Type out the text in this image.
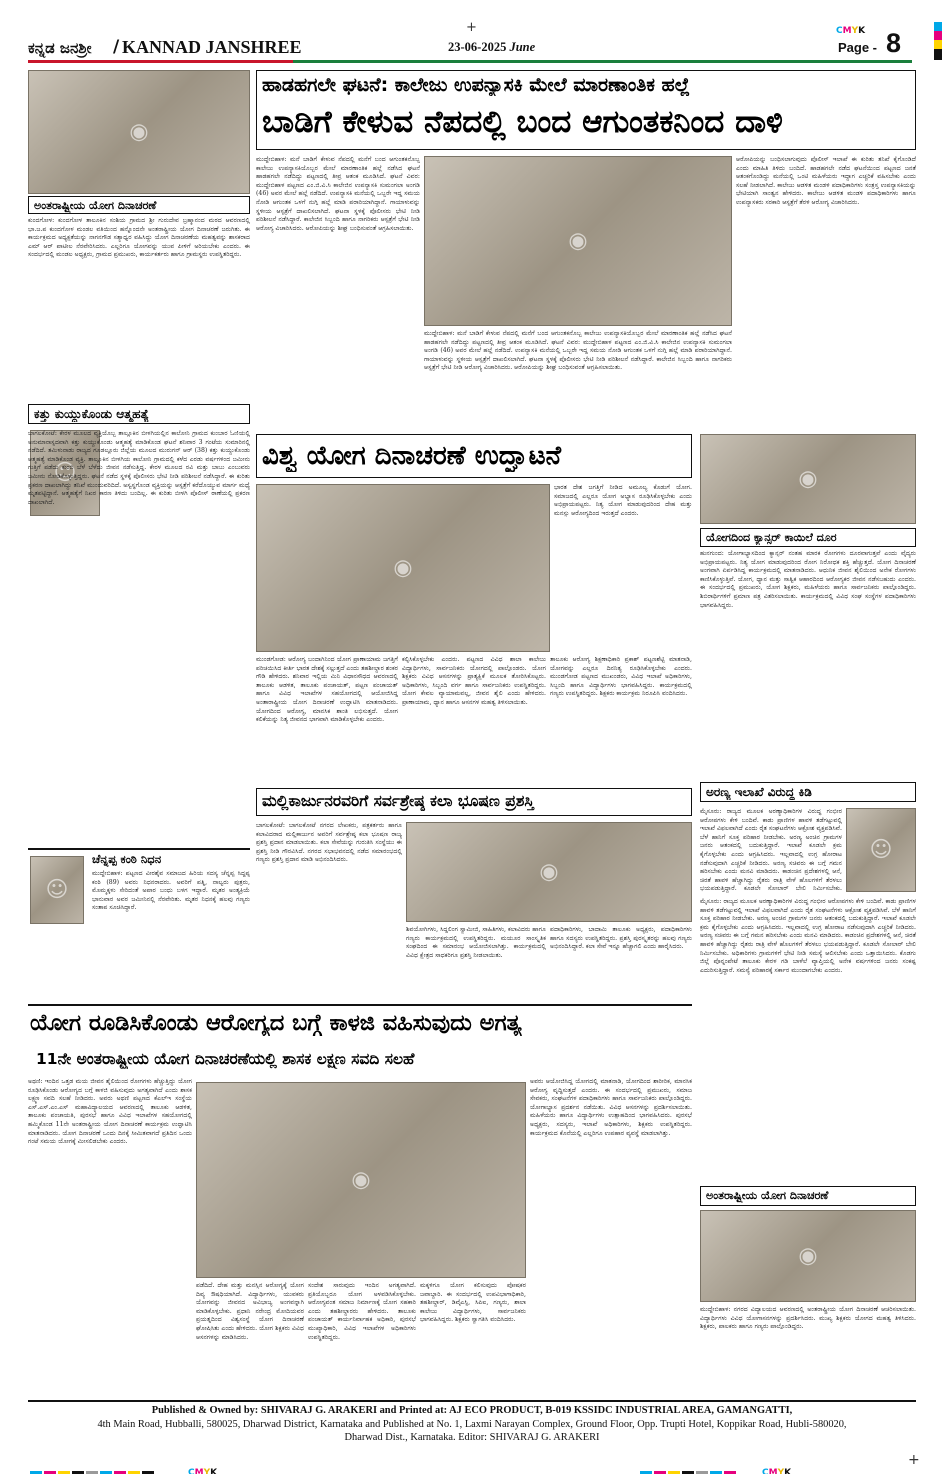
+
ಕನ್ನಡ ಜನಶ್ರೀ / KANNAD JANSHREE	23-06-2025 June
CMYK
Page - 8
◉
ಅಂತರಾಷ್ಟ್ರೀಯ ಯೋಗ ದಿನಾಚರಣೆ
ಕುಂದಗೋಳ: ಕುಂದಗೋಳ ತಾಲೂಕಿನ ಸಂಶಿಯ ಗ್ರಾಮದ ಶ್ರೀ ಗುರುದೇವ ಬ್ರಹ್ಮಾನಂದ ಮಠದ ಆವರಣದಲ್ಲಿ ಭಾ.ಜ.ಪ ಕುಂದಗೋಳ ಮಂಡಲ ವತಿಯಿಂದ ಹನ್ನೊಂದನೇ ಅಂತರಾಷ್ಟ್ರೀಯ ಯೋಗ ದಿನಾಚರಣೆ ಜರುಗಿತು. ಈ ಕಾರ್ಯಕ್ರಮದ ಅಧ್ಯಕ್ಷತೆಯನ್ನು ನಾಗನಗೌಡ ಸತ್ಯಾಧ್ವರ ವಹಿಸಿದ್ದು ಯೋಗ ದಿನಾಚರಣೆಯ ಮಹತ್ವವನ್ನು ಶಾಸಕರಾದ ಎಮ್ ಆರ್ ಪಾಟೀಲ ನೆರವೇರಿಸಿದರು. ಎಲ್ಲರಿಗೂ ಯೋಗವನ್ನು ಯುವ ಪೀಳಿಗೆ ಅರಿಯಬೇಕು ಎಂದರು. ಈ ಸಂದರ್ಭದಲ್ಲಿ ಮಂಡಲ ಅಧ್ಯಕ್ಷರು, ಗ್ರಾಮದ ಪ್ರಮುಖರು, ಕಾರ್ಯಕರ್ತರು ಹಾಗೂ ಗ್ರಾಮಸ್ಥರು ಉಪಸ್ಥಿತರಿದ್ದರು.
ಕತ್ತು ಕುಯ್ದುಕೊಂಡು ಆತ್ಮಹತ್ಯೆ
☺
ಬಾಗಲಕೋಟೆ: ಕೇರಳ ಮೂಲದ ವ್ಯಕ್ತಿಯೊಬ್ಬ ತಾಲ್ಲೂಕಿನ ಬೀಳಗಿಯಲ್ಲಿನ ಕಾಲೋನಿ ಗ್ರಾಮದ ಕುಂಬಾರ ಓಣಿಯಲ್ಲಿ ಅನುಮಾನಾಸ್ಪದವಾಗಿ ಕತ್ತು ಕುಯ್ದುಕೊಂಡು ಆತ್ಮಹತ್ಯೆ ಮಾಡಿಕೊಂಡ ಘಟನೆ ಶನಿವಾರ 3 ಗಂಟೆಯ ಸುಮಾರಿನಲ್ಲಿ ನಡೆದಿದೆ. ತಮಿಳುನಾಡು ರಾಜ್ಯದ ಗೂಡಲ್ಲೂರು ಜಿಲ್ಲೆಯ ಮೂಲದ ಮುರುಗನ್ ಆರ್ (38) ಕತ್ತು ಕುಯ್ದುಕೊಂಡು ಆತ್ಮಹತ್ಯೆ ಮಾಡಿಕೊಂಡ ವ್ಯಕ್ತಿ. ತಾಲ್ಲೂಕಿನ ಬೀಳಗಿಯ ಕಾಲೋನಿ ಗ್ರಾಮದಲ್ಲಿ ಕಳೆದ ಎರಡು ವರ್ಷಗಳಿಂದ ಜಮೀನು ಗುತ್ತಿಗೆ ಪಡೆದು ಕುಂಬಿ ಬೆಳೆ ಬೆಳೆದು ಜೀವನ ನಡೆಸುತ್ತಿದ್ದ. ಕೇರಳ ಮೂಲದ ರವಿ ಮತ್ತು ಬಾಬು ಎಂಬುವರು ಜಮೀನು ನೋಡಿಕೊಳ್ಳುತ್ತಿದ್ದರು. ಘಟನೆ ನಡೆದ ಸ್ಥಳಕ್ಕೆ ಪೊಲೀಸರು ಭೇಟಿ ನೀಡಿ ಪರಿಶೀಲನೆ ನಡೆಸಿದ್ದಾರೆ. ಈ ಕುರಿತು ಪ್ರಕರಣ ದಾಖಲಾಗಿದ್ದು ತನಿಖೆ ಮುಂದುವರಿದಿದೆ. ಅಸ್ವಸ್ಥಗೊಂಡ ವ್ಯಕ್ತಿಯನ್ನು ಆಸ್ಪತ್ರೆಗೆ ಕರೆದೊಯ್ಯುವ ಮಾರ್ಗ ಮಧ್ಯೆ ಮೃತಪಟ್ಟಿದ್ದಾನೆ. ಆತ್ಮಹತ್ಯೆಗೆ ನಿಖರ ಕಾರಣ ತಿಳಿದು ಬಂದಿಲ್ಲ. ಈ ಕುರಿತು ಬೀಳಗಿ ಪೊಲೀಸ್ ಠಾಣೆಯಲ್ಲಿ ಪ್ರಕರಣ ದಾಖಲಾಗಿದೆ.
☺
ಚೆನ್ನಪ್ಪ ಕಂಠಿ ನಿಧನ
ಮುದ್ದೇಬಿಹಾಳ: ಪಟ್ಟಣದ ವೀರಶೈವ ಸಮಾಜದ ಹಿರಿಯ ಸದಸ್ಯ ಚೆನ್ನಪ್ಪ ಸಿದ್ದಪ್ಪ ಕಂಠಿ (89) ಅವರು ನಿಧನರಾದರು. ಅವರಿಗೆ ಪತ್ನಿ, ನಾಲ್ವರು ಪುತ್ರರು, ಮೊಮ್ಮಕ್ಕಳು ಸೇರಿದಂತೆ ಅಪಾರ ಬಂಧು ಬಳಗ ಇದ್ದಾರೆ. ಮೃತರ ಅಂತ್ಯಕ್ರಿಯೆ ಭಾನುವಾರ ಅವರ ಜಮೀನಿನಲ್ಲಿ ನೆರವೇರಿತು. ಮೃತರ ನಿಧನಕ್ಕೆ ಹಲವು ಗಣ್ಯರು ಸಂತಾಪ ಸೂಚಿಸಿದ್ದಾರೆ.
ಹಾಡಹಗಲೇ ಘಟನೆ: ಕಾಲೇಜು ಉಪನ್ಯಾಸಕಿ ಮೇಲೆ ಮಾರಣಾಂತಿಕ ಹಲ್ಲೆ
ಬಾಡಿಗೆ ಕೇಳುವ ನೆಪದಲ್ಲಿ ಬಂದ ಆಗುಂತಕನಿಂದ ದಾಳಿ
ಮುದ್ದೇಬಿಹಾಳ: ಮನೆ ಬಾಡಿಗೆ ಕೇಳುವ ನೆಪದಲ್ಲಿ ಮನೆಗೆ ಬಂದ ಆಗುಂತಕನೊಬ್ಬ ಕಾಲೇಜು ಉಪನ್ಯಾಸಕಿಯೊಬ್ಬರ ಮೇಲೆ ಮಾರಣಾಂತಿಕ ಹಲ್ಲೆ ನಡೆಸಿದ ಘಟನೆ ಹಾಡಹಗಲೇ ನಡೆದಿದ್ದು ಪಟ್ಟಣದಲ್ಲಿ ತೀವ್ರ ಆತಂಕ ಮೂಡಿಸಿದೆ. ಘಟನೆ ವಿವರ: ಮುದ್ದೇಬಿಹಾಳ ಪಟ್ಟಣದ ಎಂ.ಜಿ.ವಿ.ಸಿ ಕಾಲೇಜಿನ ಉಪನ್ಯಾಸಕಿ ಸುಮಂಗಲಾ ಅಂಗಡಿ (46) ಅವರ ಮೇಲೆ ಹಲ್ಲೆ ನಡೆದಿದೆ. ಉಪನ್ಯಾಸಕಿ ಮನೆಯಲ್ಲಿ ಒಬ್ಬರೇ ಇದ್ದ ಸಮಯ ನೋಡಿ ಆಗುಂತಕ ಒಳಗೆ ನುಗ್ಗಿ ಹಲ್ಲೆ ಮಾಡಿ ಪರಾರಿಯಾಗಿದ್ದಾನೆ. ಗಾಯಾಳುವನ್ನು ಸ್ಥಳೀಯ ಆಸ್ಪತ್ರೆಗೆ ದಾಖಲಿಸಲಾಗಿದೆ. ಘಟನಾ ಸ್ಥಳಕ್ಕೆ ಪೊಲೀಸರು ಭೇಟಿ ನೀಡಿ ಪರಿಶೀಲನೆ ನಡೆಸಿದ್ದಾರೆ. ಕಾಲೇಜಿನ ಸಿಬ್ಬಂದಿ ಹಾಗೂ ನಾಗರಿಕರು ಆಸ್ಪತ್ರೆಗೆ ಭೇಟಿ ನೀಡಿ ಆರೋಗ್ಯ ವಿಚಾರಿಸಿದರು. ಆರೋಪಿಯನ್ನು ಶೀಘ್ರ ಬಂಧಿಸುವಂತೆ ಆಗ್ರಹಿಸಲಾಯಿತು.
◉
ಮುದ್ದೇಬಿಹಾಳ: ಮನೆ ಬಾಡಿಗೆ ಕೇಳುವ ನೆಪದಲ್ಲಿ ಮನೆಗೆ ಬಂದ ಆಗುಂತಕನೊಬ್ಬ ಕಾಲೇಜು ಉಪನ್ಯಾಸಕಿಯೊಬ್ಬರ ಮೇಲೆ ಮಾರಣಾಂತಿಕ ಹಲ್ಲೆ ನಡೆಸಿದ ಘಟನೆ ಹಾಡಹಗಲೇ ನಡೆದಿದ್ದು ಪಟ್ಟಣದಲ್ಲಿ ತೀವ್ರ ಆತಂಕ ಮೂಡಿಸಿದೆ. ಘಟನೆ ವಿವರ: ಮುದ್ದೇಬಿಹಾಳ ಪಟ್ಟಣದ ಎಂ.ಜಿ.ವಿ.ಸಿ ಕಾಲೇಜಿನ ಉಪನ್ಯಾಸಕಿ ಸುಮಂಗಲಾ ಅಂಗಡಿ (46) ಅವರ ಮೇಲೆ ಹಲ್ಲೆ ನಡೆದಿದೆ. ಉಪನ್ಯಾಸಕಿ ಮನೆಯಲ್ಲಿ ಒಬ್ಬರೇ ಇದ್ದ ಸಮಯ ನೋಡಿ ಆಗುಂತಕ ಒಳಗೆ ನುಗ್ಗಿ ಹಲ್ಲೆ ಮಾಡಿ ಪರಾರಿಯಾಗಿದ್ದಾನೆ. ಗಾಯಾಳುವನ್ನು ಸ್ಥಳೀಯ ಆಸ್ಪತ್ರೆಗೆ ದಾಖಲಿಸಲಾಗಿದೆ. ಘಟನಾ ಸ್ಥಳಕ್ಕೆ ಪೊಲೀಸರು ಭೇಟಿ ನೀಡಿ ಪರಿಶೀಲನೆ ನಡೆಸಿದ್ದಾರೆ. ಕಾಲೇಜಿನ ಸಿಬ್ಬಂದಿ ಹಾಗೂ ನಾಗರಿಕರು ಆಸ್ಪತ್ರೆಗೆ ಭೇಟಿ ನೀಡಿ ಆರೋಗ್ಯ ವಿಚಾರಿಸಿದರು. ಆರೋಪಿಯನ್ನು ಶೀಘ್ರ ಬಂಧಿಸುವಂತೆ ಆಗ್ರಹಿಸಲಾಯಿತು.
ಆರೋಪಿಯನ್ನು ಬಂಧಿಸಲಾಗುವುದು ಪೊಲೀಸ್ ಇಲಾಖೆ ಈ ಕುರಿತು ತನಿಖೆ ಕೈಗೊಂಡಿದೆ ಎಂದು ಮಾಹಿತಿ ತಿಳಿದು ಬಂದಿದೆ. ಹಾಡಹಗಲೇ ನಡೆದ ಘಟನೆಯಿಂದ ಪಟ್ಟಣದ ಜನತೆ ಆತಂಕಗೊಂಡಿದ್ದು ಮನೆಯಲ್ಲಿ ಒಂಟಿ ಮಹಿಳೆಯರು ಇದ್ದಾಗ ಎಚ್ಚರಿಕೆ ವಹಿಸಬೇಕು ಎಂದು ಸಲಹೆ ನೀಡಲಾಗಿದೆ. ಕಾಲೇಜು ಆಡಳಿತ ಮಂಡಳಿ ಪದಾಧಿಕಾರಿಗಳು ಸಂತ್ರಸ್ತ ಉಪನ್ಯಾಸಕಿಯನ್ನು ಭೇಟಿಯಾಗಿ ಸಾಂತ್ವನ ಹೇಳಿದರು. ಕಾಲೇಜು ಆಡಳಿತ ಮಂಡಳಿ ಪದಾಧಿಕಾರಿಗಳು ಹಾಗೂ ಉಪನ್ಯಾಸಕರು ಸರಕಾರಿ ಆಸ್ಪತ್ರೆಗೆ ತೆರಳಿ ಆರೋಗ್ಯ ವಿಚಾರಿಸಿದರು.
ವಿಶ್ವ ಯೋಗ ದಿನಾಚರಣೆ ಉದ್ಘಾಟನೆ
◉
ಭಾರತ ದೇಶ ಜಗತ್ತಿಗೆ ನೀಡಿದ ಅಮೂಲ್ಯ ಕೊಡುಗೆ ಯೋಗ. ಸಮಾಜದಲ್ಲಿ ಎಲ್ಲರೂ ಯೋಗ ಅಭ್ಯಾಸ ರೂಢಿಸಿಕೊಳ್ಳಬೇಕು ಎಂದು ಅಭಿಪ್ರಾಯಪಟ್ಟರು. ನಿತ್ಯ ಯೋಗ ಮಾಡುವುದರಿಂದ ದೇಹ ಮತ್ತು ಮನಸ್ಸು ಆರೋಗ್ಯದಿಂದ ಇರುತ್ತದೆ ಎಂದರು.
ಮುಂಡಗೋಡ: ಆರೋಗ್ಯ ಬಂದಾಗಿನಿಂದ ಯೋಗ ಪ್ರಾಣಾಯಾಮ ಜಗತ್ತಿಗೆ ಪರಿಚಯಿಸಿದ ಕೀರ್ತಿ ಭಾರತ ದೇಶಕ್ಕೆ ಸಲ್ಲುತ್ತದೆ ಎಂದು ತಹಶೀಲ್ದಾರ ಶಂಕರ ಗೌಡಿ ಹೇಳಿದರು. ಶನಿವಾರ ಇಲ್ಲಿಯ ಮಿನಿ ವಿಧಾನಸೌಧದ ಆವರಣದಲ್ಲಿ ತಾಲೂಕು ಆಡಳಿತ, ತಾಲೂಕು ಪಂಚಾಯತ್, ಪಟ್ಟಣ ಪಂಚಾಯತ್ ಹಾಗೂ ವಿವಿಧ ಇಲಾಖೆಗಳ ಸಹಯೋಗದಲ್ಲಿ ಆಯೋಜಿಸಿದ್ದ ಅಂತಾರಾಷ್ಟ್ರೀಯ ಯೋಗ ದಿನಾಚರಣೆ ಉದ್ಘಾಟಿಸಿ ಮಾತನಾಡಿದರು. ಯೋಗದಿಂದ ಆರೋಗ್ಯ, ಮಾನಸಿಕ ಶಾಂತಿ ಲಭಿಸುತ್ತದೆ. ಯೋಗ ಕಲಿಕೆಯನ್ನು ನಿತ್ಯ ಜೀವನದ ಭಾಗವಾಗಿ ಮಾಡಿಕೊಳ್ಳಬೇಕು ಎಂದರು.
ಕಲ್ಪಿಸಿಕೊಳ್ಳಬೇಕು ಎಂದರು. ಪಟ್ಟಣದ ವಿವಿಧ ಶಾಲಾ ಕಾಲೇಜು ವಿದ್ಯಾರ್ಥಿಗಳು, ಸಾರ್ವಜನಿಕರು ಯೋಗದಲ್ಲಿ ಪಾಲ್ಗೊಂಡರು. ಯೋಗ ಶಿಕ್ಷಕರು ವಿವಿಧ ಆಸನಗಳನ್ನು ಪ್ರಾತ್ಯಕ್ಷಿಕೆ ಮೂಲಕ ತೋರಿಸಿಕೊಟ್ಟರು. ಅಧಿಕಾರಿಗಳು, ಸಿಬ್ಬಂದಿ ವರ್ಗ ಹಾಗೂ ಸಾರ್ವಜನಿಕರು ಉಪಸ್ಥಿತರಿದ್ದರು. ಯೋಗ ಕೇವಲ ವ್ಯಾಯಾಮವಲ್ಲ, ಜೀವನ ಶೈಲಿ ಎಂದು ಹೇಳಿದರು. ಪ್ರಾಣಾಯಾಮ, ಧ್ಯಾನ ಹಾಗೂ ಆಸನಗಳ ಮಹತ್ವ ತಿಳಿಸಲಾಯಿತು.
ತಾಲೂಕು ಆರೋಗ್ಯ ಶಿಕ್ಷಣಾಧಿಕಾರಿ ಪ್ರಕಾಶ್ ಪಟ್ಟಣಶೆಟ್ಟಿ ಮಾತನಾಡಿ, ಯೋಗವನ್ನು ಎಲ್ಲರೂ ದಿನನಿತ್ಯ ರೂಢಿಸಿಕೊಳ್ಳಬೇಕು ಎಂದರು. ಮುಂಡಗೋಡ ಪಟ್ಟಣದ ಮುಖಂಡರು, ವಿವಿಧ ಇಲಾಖೆ ಅಧಿಕಾರಿಗಳು, ಸಿಬ್ಬಂದಿ ಹಾಗೂ ವಿದ್ಯಾರ್ಥಿಗಳು ಭಾಗವಹಿಸಿದ್ದರು. ಕಾರ್ಯಕ್ರಮದಲ್ಲಿ ಗಣ್ಯರು ಉಪಸ್ಥಿತರಿದ್ದರು. ಶಿಕ್ಷಕರು ಕಾರ್ಯಕ್ರಮ ನಿರೂಪಿಸಿ ವಂದಿಸಿದರು.
◉
ಯೋಗದಿಂದ ಕ್ಯಾನ್ಸರ್ ಕಾಯಿಲೆ ದೂರ
ಹುನಗುಂದ: ಯೋಗಾಭ್ಯಾಸದಿಂದ ಕ್ಯಾನ್ಸರ್ ನಂತಹ ಮಾರಕ ರೋಗಗಳು ದೂರವಾಗುತ್ತವೆ ಎಂದು ವೈದ್ಯರು ಅಭಿಪ್ರಾಯಪಟ್ಟರು. ನಿತ್ಯ ಯೋಗ ಮಾಡುವುದರಿಂದ ರೋಗ ನಿರೋಧಕ ಶಕ್ತಿ ಹೆಚ್ಚುತ್ತದೆ. ಯೋಗ ದಿನಾಚರಣೆ ಅಂಗವಾಗಿ ಏರ್ಪಡಿಸಿದ್ದ ಕಾರ್ಯಕ್ರಮದಲ್ಲಿ ಮಾತನಾಡಿದರು. ಆಧುನಿಕ ಜೀವನ ಶೈಲಿಯಿಂದ ಅನೇಕ ರೋಗಗಳು ಕಾಣಿಸಿಕೊಳ್ಳುತ್ತಿವೆ. ಯೋಗ, ಧ್ಯಾನ ಮತ್ತು ಸಾತ್ವಿಕ ಆಹಾರದಿಂದ ಆರೋಗ್ಯಕರ ಜೀವನ ನಡೆಸಬಹುದು ಎಂದರು. ಈ ಸಂದರ್ಭದಲ್ಲಿ ಪ್ರಮುಖರು, ಯೋಗ ಶಿಕ್ಷಕರು, ಮಹಿಳೆಯರು ಹಾಗೂ ಸಾರ್ವಜನಿಕರು ಪಾಲ್ಗೊಂಡಿದ್ದರು. ಶಿಬಿರಾರ್ಥಿಗಳಿಗೆ ಪ್ರಮಾಣ ಪತ್ರ ವಿತರಿಸಲಾಯಿತು. ಕಾರ್ಯಕ್ರಮದಲ್ಲಿ ವಿವಿಧ ಸಂಘ ಸಂಸ್ಥೆಗಳ ಪದಾಧಿಕಾರಿಗಳು ಭಾಗವಹಿಸಿದ್ದರು.
ಮಲ್ಲಿಕಾರ್ಜುನರವರಿಗೆ ಸರ್ವಶ್ರೇಷ್ಠ ಕಲಾ ಭೂಷಣ ಪ್ರಶಸ್ತಿ
ಬಾಗಲಕೋಟೆ: ಬಾಗಲಕೋಟೆ ನಗರದ ಲೇಖಕರು, ಪತ್ರಕರ್ತರು ಹಾಗೂ ಕಲಾವಿದರಾದ ಮಲ್ಲಿಕಾರ್ಜುನ ಅವರಿಗೆ ಸರ್ವಶ್ರೇಷ್ಠ ಕಲಾ ಭೂಷಣ ರಾಜ್ಯ ಪ್ರಶಸ್ತಿ ಪ್ರದಾನ ಮಾಡಲಾಯಿತು. ಕಲಾ ಸೇವೆಯನ್ನು ಗುರುತಿಸಿ ಸಂಸ್ಥೆಯು ಈ ಪ್ರಶಸ್ತಿ ನೀಡಿ ಗೌರವಿಸಿದೆ. ನಗರದ ಸಭಾಭವನದಲ್ಲಿ ನಡೆದ ಸಮಾರಂಭದಲ್ಲಿ ಗಣ್ಯರು ಪ್ರಶಸ್ತಿ ಪ್ರದಾನ ಮಾಡಿ ಅಭಿನಂದಿಸಿದರು.	◉
ಶಿವಯೋಗಿಗಳು, ಸಿದ್ದಲಿಂಗ ಸ್ವಾಮೀಜಿ, ಸಾಹಿತಿಗಳು, ಕಲಾವಿದರು ಹಾಗೂ ಗಣ್ಯರು ಕಾರ್ಯಕ್ರಮದಲ್ಲಿ ಉಪಸ್ಥಿತರಿದ್ದರು. ಮಯೂರ ಸಾಂಸ್ಕೃತಿಕ ಸಂಘದಿಂದ ಈ ಸಮಾರಂಭ ಆಯೋಜಿಸಲಾಗಿತ್ತು. ಕಾರ್ಯಕ್ರಮದಲ್ಲಿ ವಿವಿಧ ಕ್ಷೇತ್ರದ ಸಾಧಕರಿಗೂ ಪ್ರಶಸ್ತಿ ನೀಡಲಾಯಿತು.
ಪದಾಧಿಕಾರಿಗಳು, ಬಾದಾಮಿ ತಾಲೂಕು ಅಧ್ಯಕ್ಷರು, ಪದಾಧಿಕಾರಿಗಳು ಹಾಗೂ ಸದಸ್ಯರು ಉಪಸ್ಥಿತರಿದ್ದರು. ಪ್ರಶಸ್ತಿ ಪುರಸ್ಕೃತರನ್ನು ಹಲವು ಗಣ್ಯರು ಅಭಿನಂದಿಸಿದ್ದಾರೆ. ಕಲಾ ಸೇವೆ ಇನ್ನೂ ಹೆಚ್ಚಾಗಲಿ ಎಂದು ಹಾರೈಸಿದರು.
ಅರಣ್ಯ ಇಲಾಖೆ ವಿರುದ್ಧ ಕಿಡಿ
☺
ಮೈಸೂರು: ರಾಜ್ಯದ ಮೂಲಕ ಅರಣ್ಯಾಧಿಕಾರಿಗಳ ವಿರುದ್ಧ ಗಂಭೀರ ಆರೋಪಗಳು ಕೇಳಿ ಬಂದಿವೆ. ಕಾಡು ಪ್ರಾಣಿಗಳ ಹಾವಳಿ ತಡೆಗಟ್ಟುವಲ್ಲಿ ಇಲಾಖೆ ವಿಫಲವಾಗಿದೆ ಎಂದು ರೈತ ಸಂಘಟನೆಗಳು ಆಕ್ರೋಶ ವ್ಯಕ್ತಪಡಿಸಿವೆ. ಬೆಳೆ ಹಾನಿಗೆ ಸೂಕ್ತ ಪರಿಹಾರ ನೀಡಬೇಕು. ಅರಣ್ಯ ಅಂಚಿನ ಗ್ರಾಮಗಳ ಜನರು ಆತಂಕದಲ್ಲಿ ಬದುಕುತ್ತಿದ್ದಾರೆ. ಇಲಾಖೆ ಕೂಡಲೇ ಕ್ರಮ ಕೈಗೊಳ್ಳಬೇಕು ಎಂದು ಆಗ್ರಹಿಸಿದರು. ಇಲ್ಲವಾದಲ್ಲಿ ಉಗ್ರ ಹೋರಾಟ ನಡೆಸುವುದಾಗಿ ಎಚ್ಚರಿಕೆ ನೀಡಿದರು. ಅರಣ್ಯ ಸಚಿವರು ಈ ಬಗ್ಗೆ ಗಮನ ಹರಿಸಬೇಕು ಎಂದು ಮನವಿ ಮಾಡಿದರು. ಕಾಡಂಚಿನ ಪ್ರದೇಶಗಳಲ್ಲಿ ಆನೆ, ಚಿರತೆ ಹಾವಳಿ ಹೆಚ್ಚಾಗಿದ್ದು ರೈತರು ರಾತ್ರಿ ವೇಳೆ ಹೊಲಗಳಿಗೆ ತೆರಳಲು ಭಯಪಡುತ್ತಿದ್ದಾರೆ. ಕೂಡಲೇ ಸೋಲಾರ್ ಬೇಲಿ ನಿರ್ಮಿಸಬೇಕು.
ಮೈಸೂರು: ರಾಜ್ಯದ ಮೂಲಕ ಅರಣ್ಯಾಧಿಕಾರಿಗಳ ವಿರುದ್ಧ ಗಂಭೀರ ಆರೋಪಗಳು ಕೇಳಿ ಬಂದಿವೆ. ಕಾಡು ಪ್ರಾಣಿಗಳ ಹಾವಳಿ ತಡೆಗಟ್ಟುವಲ್ಲಿ ಇಲಾಖೆ ವಿಫಲವಾಗಿದೆ ಎಂದು ರೈತ ಸಂಘಟನೆಗಳು ಆಕ್ರೋಶ ವ್ಯಕ್ತಪಡಿಸಿವೆ. ಬೆಳೆ ಹಾನಿಗೆ ಸೂಕ್ತ ಪರಿಹಾರ ನೀಡಬೇಕು. ಅರಣ್ಯ ಅಂಚಿನ ಗ್ರಾಮಗಳ ಜನರು ಆತಂಕದಲ್ಲಿ ಬದುಕುತ್ತಿದ್ದಾರೆ. ಇಲಾಖೆ ಕೂಡಲೇ ಕ್ರಮ ಕೈಗೊಳ್ಳಬೇಕು ಎಂದು ಆಗ್ರಹಿಸಿದರು. ಇಲ್ಲವಾದಲ್ಲಿ ಉಗ್ರ ಹೋರಾಟ ನಡೆಸುವುದಾಗಿ ಎಚ್ಚರಿಕೆ ನೀಡಿದರು. ಅರಣ್ಯ ಸಚಿವರು ಈ ಬಗ್ಗೆ ಗಮನ ಹರಿಸಬೇಕು ಎಂದು ಮನವಿ ಮಾಡಿದರು. ಕಾಡಂಚಿನ ಪ್ರದೇಶಗಳಲ್ಲಿ ಆನೆ, ಚಿರತೆ ಹಾವಳಿ ಹೆಚ್ಚಾಗಿದ್ದು ರೈತರು ರಾತ್ರಿ ವೇಳೆ ಹೊಲಗಳಿಗೆ ತೆರಳಲು ಭಯಪಡುತ್ತಿದ್ದಾರೆ. ಕೂಡಲೇ ಸೋಲಾರ್ ಬೇಲಿ ನಿರ್ಮಿಸಬೇಕು. ಅಧಿಕಾರಿಗಳು ಗ್ರಾಮಗಳಿಗೆ ಭೇಟಿ ನೀಡಿ ಸಮಸ್ಯೆ ಆಲಿಸಬೇಕು ಎಂದು ಒತ್ತಾಯಿಸಿದರು. ಕೊಡಗು ಜಿಲ್ಲೆ ಪೊನ್ನಂಪೇಟೆ ತಾಲೂಕು ಕೇರಳ ಗಡಿ ಬಾಳೆಲೆ ವ್ಯಾಪ್ತಿಯಲ್ಲಿ ಅನೇಕ ವರ್ಷಗಳಿಂದ ಜನರು ಸಂಕಷ್ಟ ಎದುರಿಸುತ್ತಿದ್ದಾರೆ. ಸಮಸ್ಯೆ ಪರಿಹಾರಕ್ಕೆ ಸರ್ಕಾರ ಮುಂದಾಗಬೇಕು ಎಂದರು.
ಯೋಗ ರೂಡಿಸಿಕೊಂಡು ಆರೋಗ್ಯದ ಬಗ್ಗೆ ಕಾಳಜಿ ವಹಿಸುವುದು ಅಗತ್ಯ
11ನೇ ಅಂತರಾಷ್ಟ್ರೀಯ ಯೋಗ ದಿನಾಚರಣೆಯಲ್ಲಿ ಶಾಸಕ ಲಕ್ಷ್ಮಣ ಸವದಿ ಸಲಹೆ
ಅಥಣಿ: ಇಂದಿನ ಒತ್ತಡ ಮಯ ಜೀವನ ಶೈಲಿಯಿಂದ ರೋಗಗಳು ಹೆಚ್ಚುತ್ತಿದ್ದು ಯೋಗ ರೂಢಿಸಿಕೊಂಡು ಆರೋಗ್ಯದ ಬಗ್ಗೆ ಕಾಳಜಿ ವಹಿಸುವುದು ಅಗತ್ಯವಾಗಿದೆ ಎಂದು ಶಾಸಕ ಲಕ್ಷ್ಮಣ ಸವದಿ ಸಲಹೆ ನೀಡಿದರು. ಅವರು ಅಥಣಿ ಪಟ್ಟಣದ ಕೆಎಲ್ಇ ಸಂಸ್ಥೆಯ ಎಸ್.ಎಸ್.ಎಂ.ಎಸ್ ಮಹಾವಿದ್ಯಾಲಯದ ಆವರಣದಲ್ಲಿ ತಾಲೂಕು ಆಡಳಿತ, ತಾಲೂಕು ಪಂಚಾಯತಿ, ಪುರಸಭೆ ಹಾಗೂ ವಿವಿಧ ಇಲಾಖೆಗಳ ಸಹಯೋಗದಲ್ಲಿ ಹಮ್ಮಿಕೊಂಡ 11ನೇ ಅಂತರಾಷ್ಟ್ರೀಯ ಯೋಗ ದಿನಾಚರಣೆ ಕಾರ್ಯಕ್ರಮ ಉದ್ಘಾಟಿಸಿ ಮಾತನಾಡಿದರು. ಯೋಗ ದಿನಾಚರಣೆ ಒಂದು ದಿನಕ್ಕೆ ಸೀಮಿತವಾಗದೆ ಪ್ರತಿದಿನ ಒಂದು ಗಂಟೆ ಸಮಯ ಯೋಗಕ್ಕೆ ಮೀಸಲಿಡಬೇಕು ಎಂದರು.
◉
ಪಡೆದಿದೆ. ದೇಹ ಮತ್ತು ಮನಸ್ಸಿನ ಆರೋಗ್ಯಕ್ಕೆ ಯೋಗ ದಿವ್ಯ ಔಷಧಿಯಾಗಿದೆ. ವಿದ್ಯಾರ್ಥಿಗಳು, ಯುವಕರು ಯೋಗವನ್ನು ಜೀವನದ ಅವಿಭಾಜ್ಯ ಅಂಗವನ್ನಾಗಿ ಮಾಡಿಕೊಳ್ಳಬೇಕು. ಪ್ರಧಾನಿ ನರೇಂದ್ರ ಮೋದಿಯವರ ಪ್ರಯತ್ನದಿಂದ ವಿಶ್ವಸಂಸ್ಥೆ ಯೋಗ ದಿನಾಚರಣೆ ಘೋಷಿಸಿತು ಎಂದು ಹೇಳಿದರು. ಯೋಗ ಶಿಕ್ಷಕರು ವಿವಿಧ ಆಸನಗಳನ್ನು ಮಾಡಿಸಿದರು.
ಸಂದೇಶ ಸಾರುವುದು ಇಂದಿನ ಅಗತ್ಯವಾಗಿದೆ. ಪ್ರತಿಯೊಬ್ಬರೂ ಯೋಗ ಅಳವಡಿಸಿಕೊಳ್ಳಬೇಕು. ಆರೋಗ್ಯವಂತ ಸಮಾಜ ನಿರ್ಮಾಣಕ್ಕೆ ಯೋಗ ಸಹಕಾರಿ ಎಂದು ತಹಶೀಲ್ದಾರರು ಹೇಳಿದರು. ತಾಲೂಕು ಪಂಚಾಯತ್ ಕಾರ್ಯನಿರ್ವಾಹಕ ಅಧಿಕಾರಿ, ಪುರಸಭೆ ಮುಖ್ಯಾಧಿಕಾರಿ, ವಿವಿಧ ಇಲಾಖೆಗಳ ಅಧಿಕಾರಿಗಳು ಉಪಸ್ಥಿತರಿದ್ದರು.
ಮಕ್ಕಳಿಗೂ ಯೋಗ ಕಲಿಸುವುದು ಪೋಷಕರ ಜವಾಬ್ದಾರಿ. ಈ ಸಂದರ್ಭದಲ್ಲಿ ಉಪವಿಭಾಗಾಧಿಕಾರಿ, ತಹಶೀಲ್ದಾರ್, ಡಿವೈಎಸ್ಪಿ, ಸಿಪಿಐ, ಗಣ್ಯರು, ಶಾಲಾ ಕಾಲೇಜು ವಿದ್ಯಾರ್ಥಿಗಳು, ಸಾರ್ವಜನಿಕರು ಭಾಗವಹಿಸಿದ್ದರು. ಶಿಕ್ಷಕರು ಸ್ವಾಗತಿಸಿ ವಂದಿಸಿದರು.
ಅವರು ಆಯೋಜಿಸಿದ್ದ ಯೋಗದಲ್ಲಿ ಮಾತನಾಡಿ, ಯೋಗದಿಂದ ಶಾರೀರಿಕ, ಮಾನಸಿಕ ಆರೋಗ್ಯ ವೃದ್ಧಿಸುತ್ತದೆ ಎಂದರು. ಈ ಸಂದರ್ಭದಲ್ಲಿ ಪ್ರಮುಖರು, ಸಮಾಜ ಸೇವಕರು, ಸಂಘಟನೆಗಳ ಪದಾಧಿಕಾರಿಗಳು ಹಾಗೂ ಸಾರ್ವಜನಿಕರು ಪಾಲ್ಗೊಂಡಿದ್ದರು. ಯೋಗಾಭ್ಯಾಸ ಪ್ರದರ್ಶನ ನಡೆಯಿತು. ವಿವಿಧ ಆಸನಗಳನ್ನು ಪ್ರದರ್ಶಿಸಲಾಯಿತು. ಮಹಿಳೆಯರು ಹಾಗೂ ವಿದ್ಯಾರ್ಥಿಗಳು ಉತ್ಸಾಹದಿಂದ ಭಾಗವಹಿಸಿದರು. ಪುರಸಭೆ ಅಧ್ಯಕ್ಷರು, ಸದಸ್ಯರು, ಇಲಾಖೆ ಅಧಿಕಾರಿಗಳು, ಶಿಕ್ಷಕರು ಉಪಸ್ಥಿತರಿದ್ದರು. ಕಾರ್ಯಕ್ರಮದ ಕೊನೆಯಲ್ಲಿ ಎಲ್ಲರಿಗೂ ಉಪಹಾರ ವ್ಯವಸ್ಥೆ ಮಾಡಲಾಗಿತ್ತು.
ಅಂತರಾಷ್ಟ್ರೀಯ ಯೋಗ ದಿನಾಚರಣೆ
◉
ಮುದ್ದೇಬಿಹಾಳ: ನಗರದ ವಿದ್ಯಾಲಯದ ಆವರಣದಲ್ಲಿ ಅಂತರಾಷ್ಟ್ರೀಯ ಯೋಗ ದಿನಾಚರಣೆ ಆಚರಿಸಲಾಯಿತು. ವಿದ್ಯಾರ್ಥಿಗಳು ವಿವಿಧ ಯೋಗಾಸನಗಳನ್ನು ಪ್ರದರ್ಶಿಸಿದರು. ಮುಖ್ಯ ಶಿಕ್ಷಕರು ಯೋಗದ ಮಹತ್ವ ತಿಳಿಸಿದರು. ಶಿಕ್ಷಕರು, ಪಾಲಕರು ಹಾಗೂ ಗಣ್ಯರು ಪಾಲ್ಗೊಂಡಿದ್ದರು.
Published & Owned by: SHIVARAJ G. ARAKERI and Printed at: AJ ECO PRODUCT, B-019 KSSIDC INDUSTRIAL AREA, GAMANGATTI,
4th Main Road, Hubballi, 580025, Dharwad District, Karnataka and Published at No. 1, Laxmi Narayan Complex, Ground Floor, Opp. Trupti Hotel, Koppikar Road, Hubli-580020,
Dharwad Dist., Karnataka. Editor: SHIVARAJ G. ARAKERI
CMYK	CMYK
+
